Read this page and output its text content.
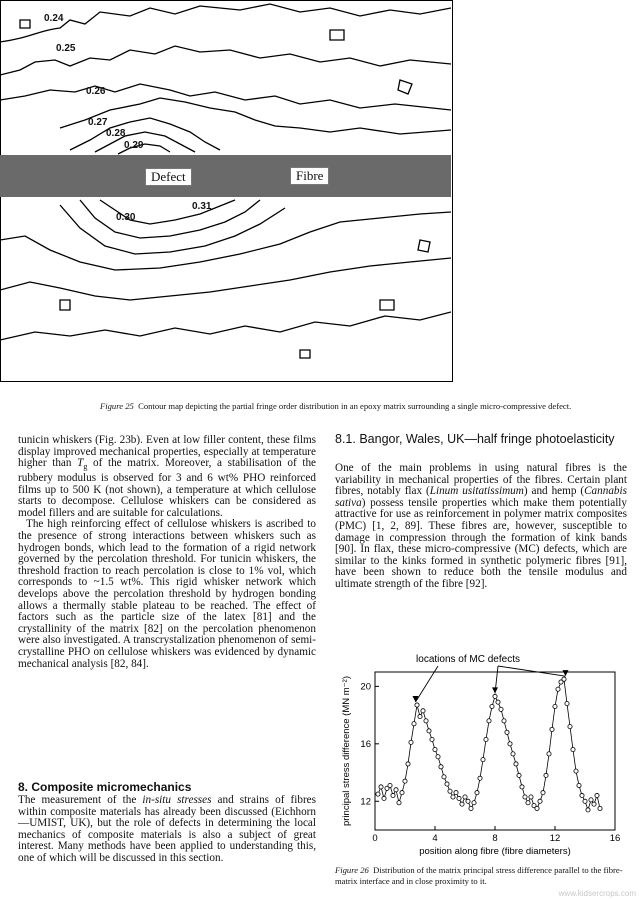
0.24
0.25
0.26
0.27
0.28
0.29
Defect	Fibre
0.31
0.30
Figure 25 Contour map depicting the partial fringe order distribution in an epoxy matrix surrounding a single micro-compressive defect.

tunicin whiskers (Fig. 23b). Even at low filler content, these films display improved mechanical properties, especially at temperature higher than $T_g$ of the matrix. Moreover, a stabilisation of the rubbery modulus is observed for 3 and 6 wt% PHO reinforced films up to 500 K (not shown), a temperature at which cellulose starts to decompose. Cellulose whiskers can be considered as model fillers and are suitable for calculations.

The high reinforcing effect of cellulose whiskers is ascribed to the presence of strong interactions between whiskers such as hydrogen bonds, which lead to the formation of a rigid network governed by the percolation threshold. For tunicin whiskers, the threshold fraction to reach percolation is close to 1% vol, which corresponds to ~1.5 wt%. This rigid whisker network which develops above the percolation threshold by hydrogen bonding allows a thermally stable plateau to be reached. The effect of factors such as the particle size of the latex [81] and the crystallinity of the matrix [82] on the percolation phenomenon were also investigated. A transcrystalization phenomenon of semi-crystalline PHO on cellulose whiskers was evidenced by dynamic mechanical analysis [82, 84].

8. Composite micromechanics

The measurement of the in-situ stresses and strains of fibres within composite materials has already been discussed (Eichhorn—UMIST, UK), but the role of defects in determining the local mechanics of composite materials is also a subject of great interest. Many methods have been applied to understanding this, one of which will be discussed in this section.

8.1. Bangor, Wales, UK—half fringe photoelasticity

One of the main problems in using natural fibres is the variability in mechanical properties of the fibres. Certain plant fibres, notably flax (Linum usitatissimum) and hemp (Cannabis sativa) possess tensile properties which make them potentially attractive for use as reinforcement in polymer matrix composites (PMC) [1, 2, 89]. These fibres are, however, susceptible to damage in compression through the formation of kink bands [90]. In flax, these micro-compressive (MC) defects, which are similar to the kinks formed in synthetic polymeric fibres [91], have been shown to reduce both the tensile modulus and ultimate strength of the fibre [92].

locations of MC defects
principal stress difference (MN m⁻²)
position along fibre (fibre diameters)
0	4	8	12	16
12
16
20
Figure 26 Distribution of the matrix principal stress difference parallel to the fibre-matrix interface and in close proximity to it.
www.kidsercrops.com
